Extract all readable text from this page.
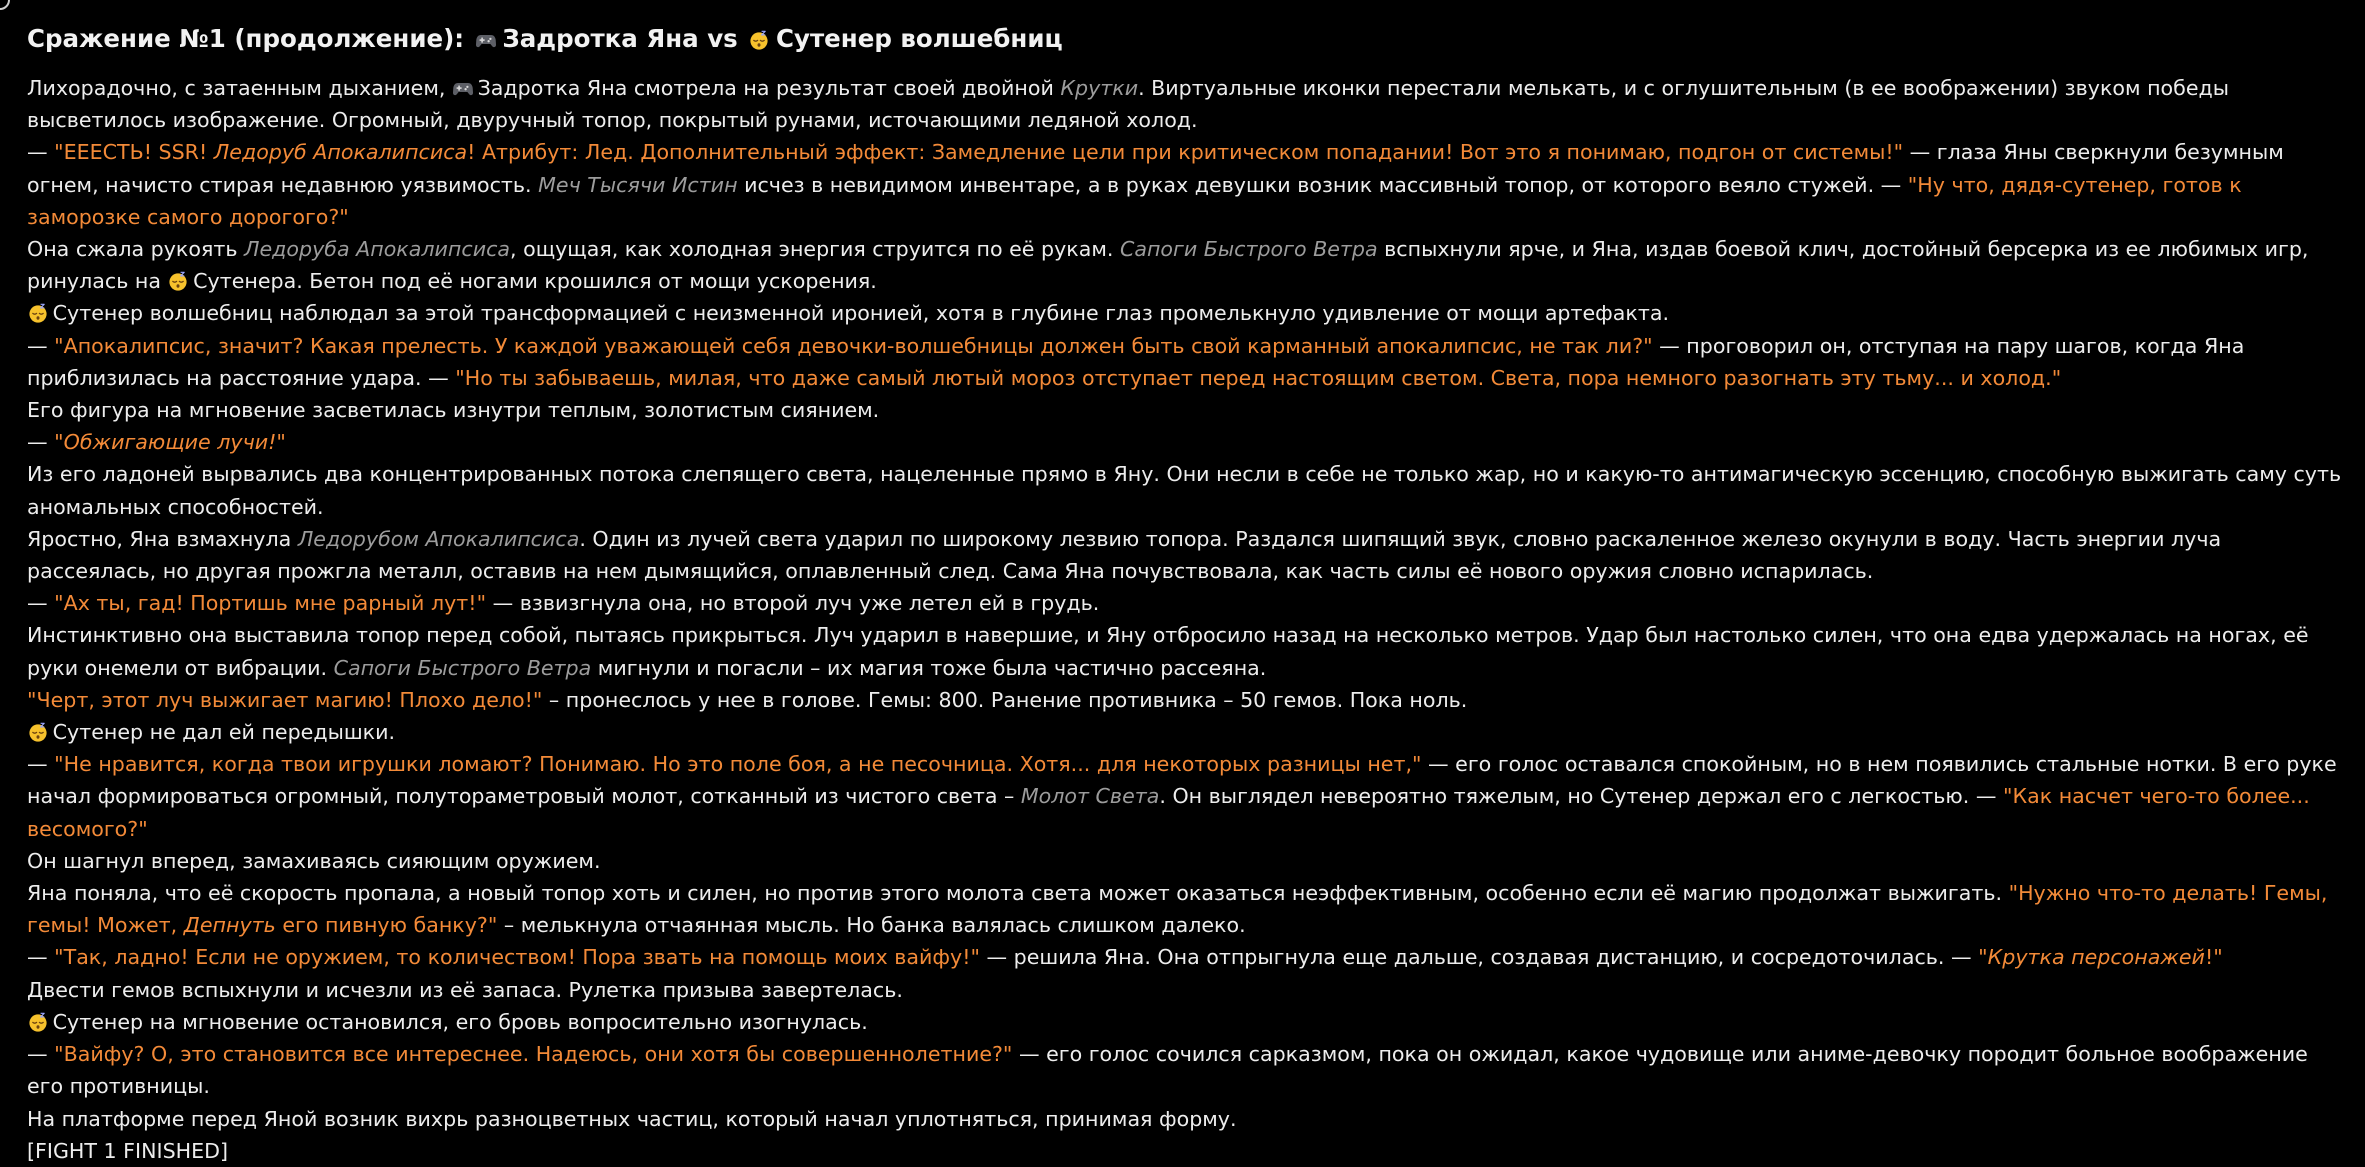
Сражение №1 (продолжение): Задротка Яна vs Сутенер волшебниц

Лихорадочно, с затаенным дыханием, Задротка Яна смотрела на результат своей двойной Крутки. Виртуальные иконки перестали мелькать, и с оглушительным (в ее воображении) звуком победы высветилось изображение. Огромный, двуручный топор, покрытый рунами, источающими ледяной холод.

— "ЕЕЕСТЬ! SSR! Ледоруб Апокалипсиса! Атрибут: Лед. Дополнительный эффект: Замедление цели при критическом попадании! Вот это я понимаю, подгон от системы!" — глаза Яны сверкнули безумным огнем, начисто стирая недавнюю уязвимость. Меч Тысячи Истин исчез в невидимом инвентаре, а в руках девушки возник массивный топор, от которого веяло стужей. — "Ну что, дядя-сутенер, готов к заморозке самого дорогого?"

Она сжала рукоять Ледоруба Апокалипсиса, ощущая, как холодная энергия струится по её рукам. Сапоги Быстрого Ветра вспыхнули ярче, и Яна, издав боевой клич, достойный берсерка из ее любимых игр, ринулась на Сутенера. Бетон под её ногами крошился от мощи ускорения.

Сутенер волшебниц наблюдал за этой трансформацией с неизменной иронией, хотя в глубине глаз промелькнуло удивление от мощи артефакта.

— "Апокалипсис, значит? Какая прелесть. У каждой уважающей себя девочки-волшебницы должен быть свой карманный апокалипсис, не так ли?" — проговорил он, отступая на пару шагов, когда Яна приблизилась на расстояние удара. — "Но ты забываешь, милая, что даже самый лютый мороз отступает перед настоящим светом. Света, пора немного разогнать эту тьму... и холод."

Его фигура на мгновение засветилась изнутри теплым, золотистым сиянием.

— "Обжигающие лучи!"

Из его ладоней вырвались два концентрированных потока слепящего света, нацеленные прямо в Яну. Они несли в себе не только жар, но и какую-то антимагическую эссенцию, способную выжигать саму суть аномальных способностей.

Яростно, Яна взмахнула Ледорубом Апокалипсиса. Один из лучей света ударил по широкому лезвию топора. Раздался шипящий звук, словно раскаленное железо окунули в воду. Часть энергии луча рассеялась, но другая прожгла металл, оставив на нем дымящийся, оплавленный след. Сама Яна почувствовала, как часть силы её нового оружия словно испарилась.

— "Ах ты, гад! Портишь мне рарный лут!" — взвизгнула она, но второй луч уже летел ей в грудь.

Инстинктивно она выставила топор перед собой, пытаясь прикрыться. Луч ударил в навершие, и Яну отбросило назад на несколько метров. Удар был настолько силен, что она едва удержалась на ногах, её руки онемели от вибрации. Сапоги Быстрого Ветра мигнули и погасли – их магия тоже была частично рассеяна.

"Черт, этот луч выжигает магию! Плохо дело!" – пронеслось у нее в голове. Гемы: 800. Ранение противника – 50 гемов. Пока ноль.

Сутенер не дал ей передышки.

— "Не нравится, когда твои игрушки ломают? Понимаю. Но это поле боя, а не песочница. Хотя... для некоторых разницы нет," — его голос оставался спокойным, но в нем появились стальные нотки. В его руке начал формироваться огромный, полутораметровый молот, сотканный из чистого света – Молот Света. Он выглядел невероятно тяжелым, но Сутенер держал его с легкостью. — "Как насчет чего-то более... весомого?"

Он шагнул вперед, замахиваясь сияющим оружием.

Яна поняла, что её скорость пропала, а новый топор хоть и силен, но против этого молота света может оказаться неэффективным, особенно если её магию продолжат выжигать. "Нужно что-то делать! Гемы, гемы! Может, Депнуть его пивную банку?" – мелькнула отчаянная мысль. Но банка валялась слишком далеко.

— "Так, ладно! Если не оружием, то количеством! Пора звать на помощь моих вайфу!" — решила Яна. Она отпрыгнула еще дальше, создавая дистанцию, и сосредоточилась. — "Крутка персонажей!"

Двести гемов вспыхнули и исчезли из её запаса. Рулетка призыва завертелась.

Сутенер на мгновение остановился, его бровь вопросительно изогнулась.

— "Вайфу? О, это становится все интереснее. Надеюсь, они хотя бы совершеннолетние?" — его голос сочился сарказмом, пока он ожидал, какое чудовище или аниме-девочку породит больное воображение его противницы.

На платформе перед Яной возник вихрь разноцветных частиц, который начал уплотняться, принимая форму.

[FIGHT 1 FINISHED]
